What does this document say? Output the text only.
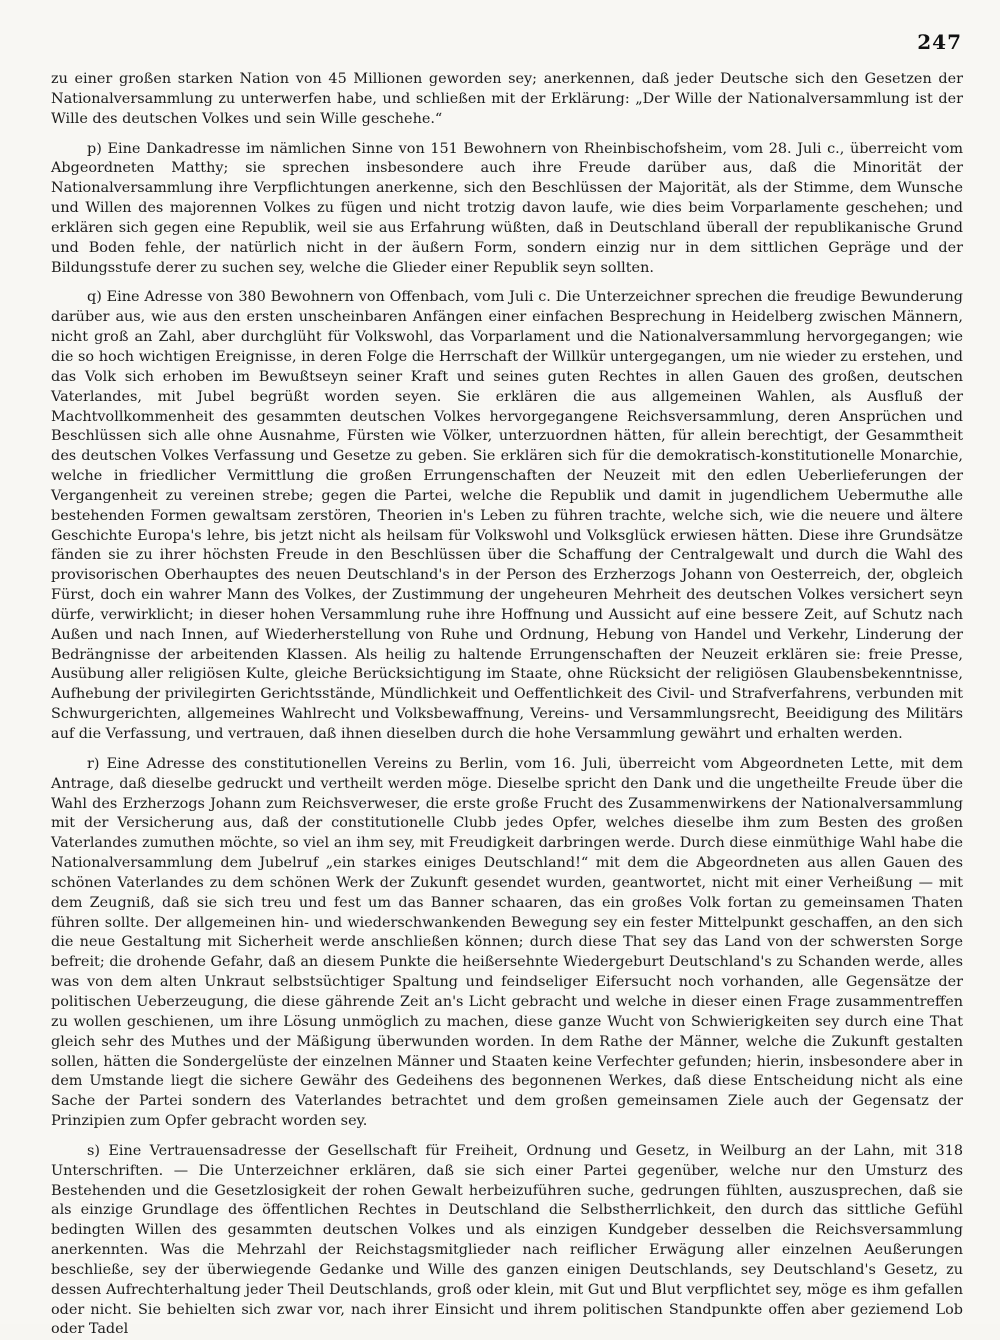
247

zu einer großen starken Nation von 45 Millionen geworden sey; anerkennen, daß jeder Deutsche sich den Gesetzen der Nationalversammlung zu unterwerfen habe, und schließen mit der Erklärung: „Der Wille der Nationalversammlung ist der Wille des deutschen Volkes und sein Wille geschehe.“

p) Eine Dankadresse im nämlichen Sinne von 151 Bewohnern von Rheinbischofsheim, vom 28. Juli c., überreicht vom Abgeordneten Matthy; sie sprechen insbesondere auch ihre Freude darüber aus, daß die Minorität der Nationalversammlung ihre Verpflichtungen anerkenne, sich den Beschlüssen der Majorität, als der Stimme, dem Wunsche und Willen des majorennen Volkes zu fügen und nicht trotzig davon laufe, wie dies beim Vorparlamente geschehen; und erklären sich gegen eine Republik, weil sie aus Erfahrung wüßten, daß in Deutschland überall der republikanische Grund und Boden fehle, der natürlich nicht in der äußern Form, sondern einzig nur in dem sittlichen Gepräge und der Bildungsstufe derer zu suchen sey, welche die Glieder einer Republik seyn sollten.

q) Eine Adresse von 380 Bewohnern von Offenbach, vom Juli c. Die Unterzeichner sprechen die freudige Bewunderung darüber aus, wie aus den ersten unscheinbaren Anfängen einer einfachen Besprechung in Heidelberg zwischen Männern, nicht groß an Zahl, aber durchglüht für Volkswohl, das Vorparlament und die Nationalversammlung hervorgegangen; wie die so hoch wichtigen Ereignisse, in deren Folge die Herrschaft der Willkür untergegangen, um nie wieder zu erstehen, und das Volk sich erhoben im Bewußtseyn seiner Kraft und seines guten Rechtes in allen Gauen des großen, deutschen Vaterlandes, mit Jubel begrüßt worden seyen. Sie erklären die aus allgemeinen Wahlen, als Ausfluß der Machtvollkommenheit des gesammten deutschen Volkes hervorgegangene Reichsversammlung, deren Ansprüchen und Beschlüssen sich alle ohne Ausnahme, Fürsten wie Völker, unterzuordnen hätten, für allein berechtigt, der Gesammtheit des deutschen Volkes Verfassung und Gesetze zu geben. Sie erklären sich für die demokratisch-konstitutionelle Monarchie, welche in friedlicher Vermittlung die großen Errungenschaften der Neuzeit mit den edlen Ueberlieferungen der Vergangenheit zu vereinen strebe; gegen die Partei, welche die Republik und damit in jugendlichem Uebermuthe alle bestehenden Formen gewaltsam zerstören, Theorien in's Leben zu führen trachte, welche sich, wie die neuere und ältere Geschichte Europa's lehre, bis jetzt nicht als heilsam für Volkswohl und Volksglück erwiesen hätten. Diese ihre Grundsätze fänden sie zu ihrer höchsten Freude in den Beschlüssen über die Schaffung der Centralgewalt und durch die Wahl des provisorischen Oberhauptes des neuen Deutschland's in der Person des Erzherzogs Johann von Oesterreich, der, obgleich Fürst, doch ein wahrer Mann des Volkes, der Zustimmung der ungeheuren Mehrheit des deutschen Volkes versichert seyn dürfe, verwirklicht; in dieser hohen Versammlung ruhe ihre Hoffnung und Aussicht auf eine bessere Zeit, auf Schutz nach Außen und nach Innen, auf Wiederherstellung von Ruhe und Ordnung, Hebung von Handel und Verkehr, Linderung der Bedrängnisse der arbeitenden Klassen. Als heilig zu haltende Errungenschaften der Neuzeit erklären sie: freie Presse, Ausübung aller religiösen Kulte, gleiche Berücksichtigung im Staate, ohne Rücksicht der religiösen Glaubensbekenntnisse, Aufhebung der privilegirten Gerichtsstände, Mündlichkeit und Oeffentlichkeit des Civil- und Strafverfahrens, verbunden mit Schwurgerichten, allgemeines Wahlrecht und Volksbewaffnung, Vereins- und Versammlungsrecht, Beeidigung des Militärs auf die Verfassung, und vertrauen, daß ihnen dieselben durch die hohe Versammlung gewährt und erhalten werden.

r) Eine Adresse des constitutionellen Vereins zu Berlin, vom 16. Juli, überreicht vom Abgeordneten Lette, mit dem Antrage, daß dieselbe gedruckt und vertheilt werden möge. Dieselbe spricht den Dank und die ungetheilte Freude über die Wahl des Erzherzogs Johann zum Reichsverweser, die erste große Frucht des Zusammenwirkens der Nationalversammlung mit der Versicherung aus, daß der constitutionelle Clubb jedes Opfer, welches dieselbe ihm zum Besten des großen Vaterlandes zumuthen möchte, so viel an ihm sey, mit Freudigkeit darbringen werde. Durch diese einmüthige Wahl habe die Nationalversammlung dem Jubelruf „ein starkes einiges Deutschland!“ mit dem die Abgeordneten aus allen Gauen des schönen Vaterlandes zu dem schönen Werk der Zukunft gesendet wurden, geantwortet, nicht mit einer Verheißung — mit dem Zeugniß, daß sie sich treu und fest um das Banner schaaren, das ein großes Volk fortan zu gemeinsamen Thaten führen sollte. Der allgemeinen hin- und wiederschwankenden Bewegung sey ein fester Mittelpunkt geschaffen, an den sich die neue Gestaltung mit Sicherheit werde anschließen können; durch diese That sey das Land von der schwersten Sorge befreit; die drohende Gefahr, daß an diesem Punkte die heißersehnte Wiedergeburt Deutschland's zu Schanden werde, alles was von dem alten Unkraut selbstsüchtiger Spaltung und feindseliger Eifersucht noch vorhanden, alle Gegensätze der politischen Ueberzeugung, die diese gährende Zeit an's Licht gebracht und welche in dieser einen Frage zusammentreffen zu wollen geschienen, um ihre Lösung unmöglich zu machen, diese ganze Wucht von Schwierigkeiten sey durch eine That gleich sehr des Muthes und der Mäßigung überwunden worden. In dem Rathe der Männer, welche die Zukunft gestalten sollen, hätten die Sondergelüste der einzelnen Männer und Staaten keine Verfechter gefunden; hierin, insbesondere aber in dem Umstande liegt die sichere Gewähr des Gedeihens des begonnenen Werkes, daß diese Entscheidung nicht als eine Sache der Partei sondern des Vaterlandes betrachtet und dem großen gemeinsamen Ziele auch der Gegensatz der Prinzipien zum Opfer gebracht worden sey.

s) Eine Vertrauensadresse der Gesellschaft für Freiheit, Ordnung und Gesetz, in Weilburg an der Lahn, mit 318 Unterschriften. — Die Unterzeichner erklären, daß sie sich einer Partei gegenüber, welche nur den Umsturz des Bestehenden und die Gesetzlosigkeit der rohen Gewalt herbeizuführen suche, gedrungen fühlten, auszusprechen, daß sie als einzige Grundlage des öffentlichen Rechtes in Deutschland die Selbstherrlichkeit, den durch das sittliche Gefühl bedingten Willen des gesammten deutschen Volkes und als einzigen Kundgeber desselben die Reichsversammlung anerkennten. Was die Mehrzahl der Reichstagsmitglieder nach reiflicher Erwägung aller einzelnen Aeußerungen beschließe, sey der überwiegende Gedanke und Wille des ganzen einigen Deutschlands, sey Deutschland's Gesetz, zu dessen Aufrechterhaltung jeder Theil Deutschlands, groß oder klein, mit Gut und Blut verpflichtet sey, möge es ihm gefallen oder nicht. Sie behielten sich zwar vor, nach ihrer Einsicht und ihrem politischen Standpunkte offen aber geziemend Lob oder Tadel
